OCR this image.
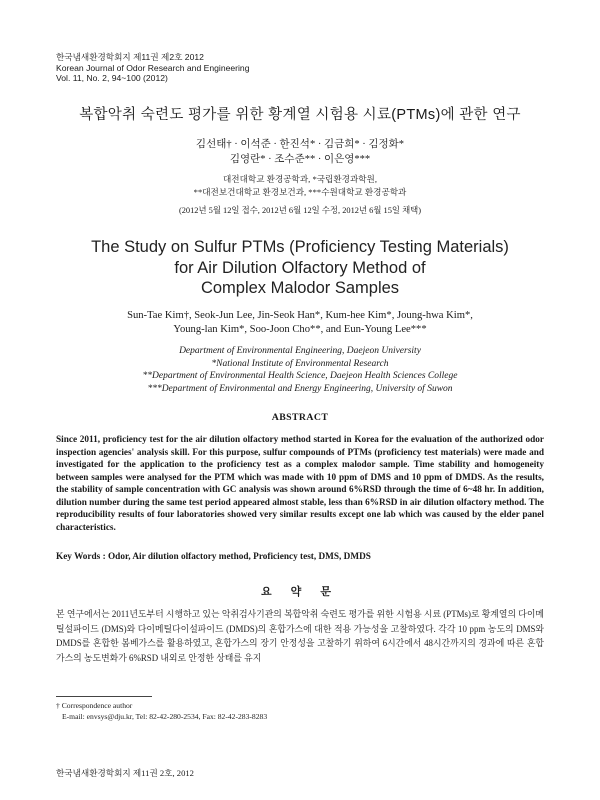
한국냄새환경학회지 제11권 제2호 2012
Korean Journal of Odor Research and Engineering
Vol. 11, No. 2, 94~100 (2012)
복합악취 숙련도 평가를 위한 황계열 시험용 시료(PTMs)에 관한 연구
김선태† · 이석준 · 한진석* · 김금희* · 김정화*
김영란* · 조수준** · 이은영***
대전대학교 환경공학과, *국립환경과학원,
**대전보건대학교 환경보건과, ***수원대학교 환경공학과
(2012년 5월 12일 접수, 2012년 6월 12일 수정, 2012년 6월 15일 채택)
The Study on Sulfur PTMs (Proficiency Testing Materials)
for Air Dilution Olfactory Method of
Complex Malodor Samples
Sun-Tae Kim†, Seok-Jun Lee, Jin-Seok Han*, Kum-hee Kim*, Joung-hwa Kim*,
Young-lan Kim*, Soo-Joon Cho**, and Eun-Young Lee***
Department of Environmental Engineering, Daejeon University
*National Institute of Environmental Research
**Department of Environmental Health Science, Daejeon Health Sciences College
***Department of Environmental and Energy Engineering, University of Suwon
ABSTRACT
Since 2011, proficiency test for the air dilution olfactory method started in Korea for the evaluation of the authorized odor inspection agencies' analysis skill. For this purpose, sulfur compounds of PTMs (proficiency test materials) were made and investigated for the application to the proficiency test as a complex malodor sample. Time stability and homogeneity between samples were analysed for the PTM which was made with 10 ppm of DMS and 10 ppm of DMDS. As the results, the stability of sample concentration with GC analysis was shown around 6%RSD through the time of 6~48 hr. In addition, dilution number during the same test period appeared almost stable, less than 6%RSD in air dilution olfactory method. The reproducibility results of four laboratories showed very similar results except one lab which was caused by the elder panel characteristics.
Key Words : Odor, Air dilution olfactory method, Proficiency test, DMS, DMDS
요 약 문
본 연구에서는 2011년도부터 시행하고 있는 악취검사기관의 복합악취 숙련도 평가를 위한 시험용 시료 (PTMs)로 황계열의 다이메틸설파이드 (DMS)와 다이메틸다이설파이드 (DMDS)의 혼합가스에 대한 적용 가능성을 고찰하였다. 각각 10 ppm 농도의 DMS와 DMDS를 혼합한 봄베가스를 활용하였고, 혼합가스의 장기 안정성을 고찰하기 위하여 6시간에서 48시간까지의 경과에 따른 혼합가스의 농도변화가 6%RSD 내외로 안정한 상태를 유지
† Correspondence author
E-mail: envsys@dju.kr, Tel: 82-42-280-2534, Fax: 82-42-283-8283
한국냄새환경학회지 제11권 2호, 2012
